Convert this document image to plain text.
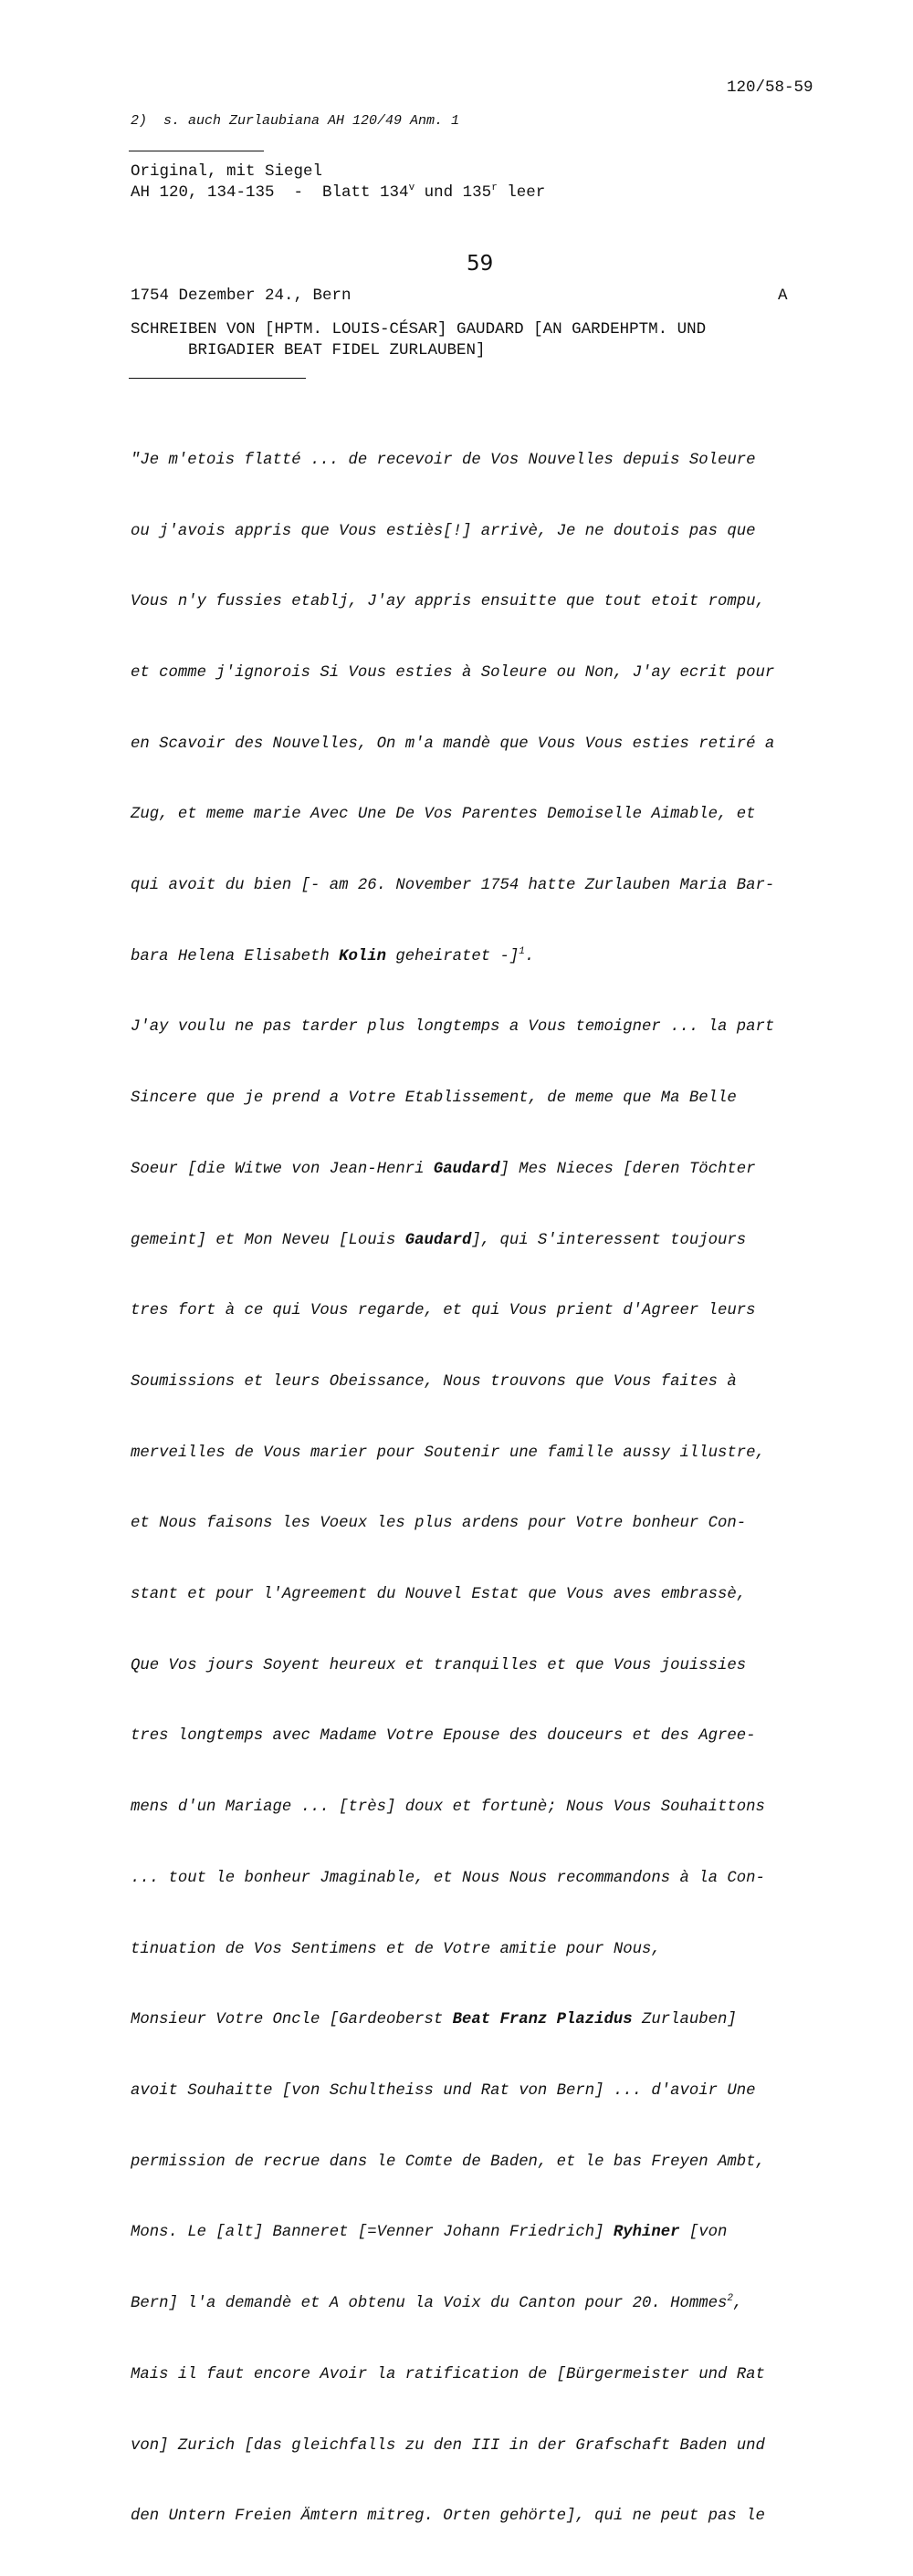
120/58-59
2)  s. auch Zurlaubiana AH 120/49 Anm. 1
Original, mit Siegel
AH 120, 134-135  -  Blatt 134$^v$ und 135$^r$ leer
59
1754 Dezember 24., Bern	A
SCHREIBEN VON [HPTM. LOUIS-CÉSAR] GAUDARD [AN GARDEHPTM. UND
BRIGADIER BEAT FIDEL ZURLAUBEN]

"Je m'etois flatté ... de recevoir de Vos Nouvelles depuis Soleure

ou j'avois appris que Vous estiès[!] arrivè, Je ne doutois pas que

Vous n'y fussies etablj, J'ay appris ensuitte que tout etoit rompu,

et comme j'ignorois Si Vous esties à Soleure ou Non, J'ay ecrit pour

en Scavoir des Nouvelles, On m'a mandè que Vous Vous esties retiré a

Zug, et meme marie Avec Une De Vos Parentes Demoiselle Aimable, et

qui avoit du bien [- am 26. November 1754 hatte Zurlauben Maria Bar-

bara Helena Elisabeth Kolin geheiratet -]$^1$.

J'ay voulu ne pas tarder plus longtemps a Vous temoigner ... la part

Sincere que je prend a Votre Etablissement, de meme que Ma Belle

Soeur [die Witwe von Jean-Henri Gaudard] Mes Nieces [deren Töchter

gemeint] et Mon Neveu [Louis Gaudard], qui S'interessent toujours

tres fort à ce qui Vous regarde, et qui Vous prient d'Agreer leurs

Soumissions et leurs Obeissance, Nous trouvons que Vous faites à

merveilles de Vous marier pour Soutenir une famille aussy illustre,

et Nous faisons les Voeux les plus ardens pour Votre bonheur Con-

stant et pour l'Agreement du Nouvel Estat que Vous aves embrassè,

Que Vos jours Soyent heureux et tranquilles et que Vous jouissies

tres longtemps avec Madame Votre Epouse des douceurs et des Agree-

mens d'un Mariage ... [très] doux et fortunè; Nous Vous Souhaittons

... tout le bonheur Jmaginable, et Nous Nous recommandons à la Con-

tinuation de Vos Sentimens et de Votre amitie pour Nous,

Monsieur Votre Oncle [Gardeoberst Beat Franz Plazidus Zurlauben]

avoit Souhaitte [von Schultheiss und Rat von Bern] ... d'avoir Une

permission de recrue dans le Comte de Baden, et le bas Freyen Ambt,

Mons. Le [alt] Banneret [=Venner Johann Friedrich] Ryhiner [von

Bern] l'a demandè et A obtenu la Voix du Canton pour 20. Hommes$^2$,

Mais il faut encore Avoir la ratification de [Bürgermeister und Rat

von] Zurich [das gleichfalls zu den III in der Grafschaft Baden und

den Untern Freien Ämtern mitreg. Orten gehörte], qui ne peut pas le
